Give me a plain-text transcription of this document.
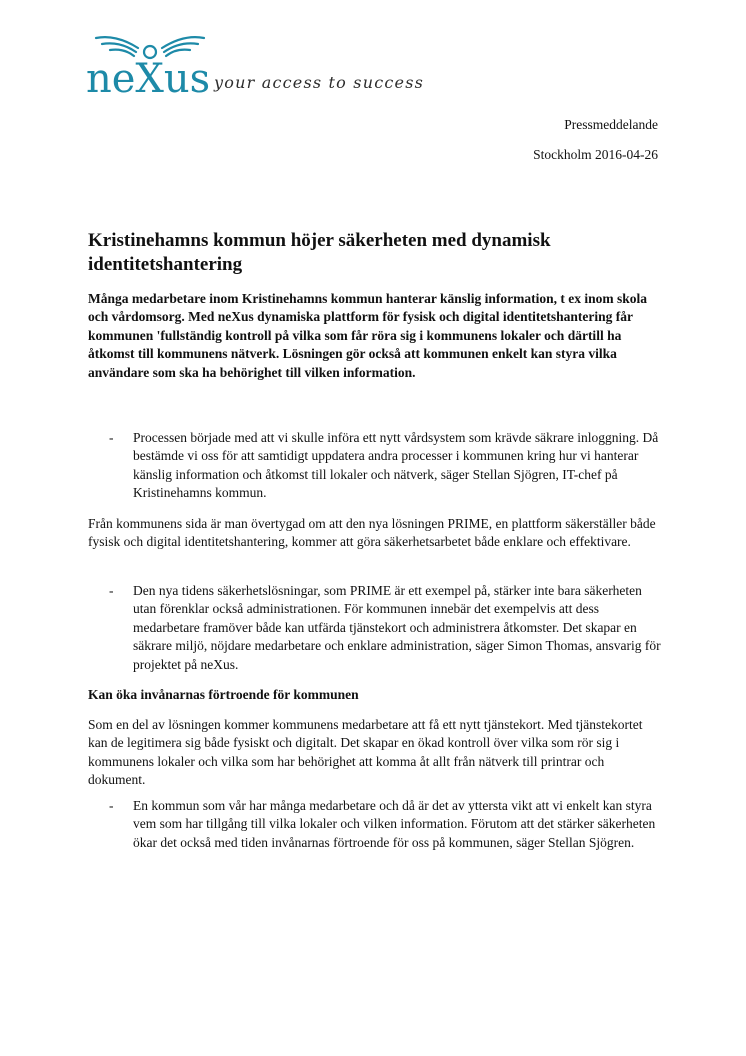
neXus your access to success
Pressmeddelande
Stockholm 2016-04-26
Kristinehamns kommun höjer säkerheten med dynamisk identitetshantering

Många medarbetare inom Kristinehamns kommun hanterar känslig information, t ex inom skola och vårdomsorg. Med neXus dynamiska plattform för fysisk och digital identitetshantering får kommunen 'fullständig kontroll på vilka som får röra sig i kommunens lokaler och därtill ha åtkomst till kommunens nätverk. Lösningen gör också att kommunen enkelt kan styra vilka användare som ska ha behörighet till vilken information.

- Processen började med att vi skulle införa ett nytt vårdsystem som krävde säkrare inloggning. Då bestämde vi oss för att samtidigt uppdatera andra processer i kommunen kring hur vi hanterar känslig information och åtkomst till lokaler och nätverk, säger Stellan Sjögren, IT-chef på Kristinehamns kommun.

Från kommunens sida är man övertygad om att den nya lösningen PRIME, en plattform säkerställer både fysisk och digital identitetshantering, kommer att göra säkerhetsarbetet både enklare och effektivare.

- Den nya tidens säkerhetslösningar, som PRIME är ett exempel på, stärker inte bara säkerheten utan förenklar också administrationen. För kommunen innebär det exempelvis att dess medarbetare framöver både kan utfärda tjänstekort och administrera åtkomster. Det skapar en säkrare miljö, nöjdare medarbetare och enklare administration, säger Simon Thomas, ansvarig för projektet på neXus.

Kan öka invånarnas förtroende för kommunen

Som en del av lösningen kommer kommunens medarbetare att få ett nytt tjänstekort. Med tjänstekortet kan de legitimera sig både fysiskt och digitalt. Det skapar en ökad kontroll över vilka som rör sig i kommunens lokaler och vilka som har behörighet att komma åt allt från nätverk till printrar och dokument.

- En kommun som vår har många medarbetare och då är det av yttersta vikt att vi enkelt kan styra vem som har tillgång till vilka lokaler och vilken information. Förutom att det stärker säkerheten ökar det också med tiden invånarnas förtroende för oss på kommunen, säger Stellan Sjögren.
